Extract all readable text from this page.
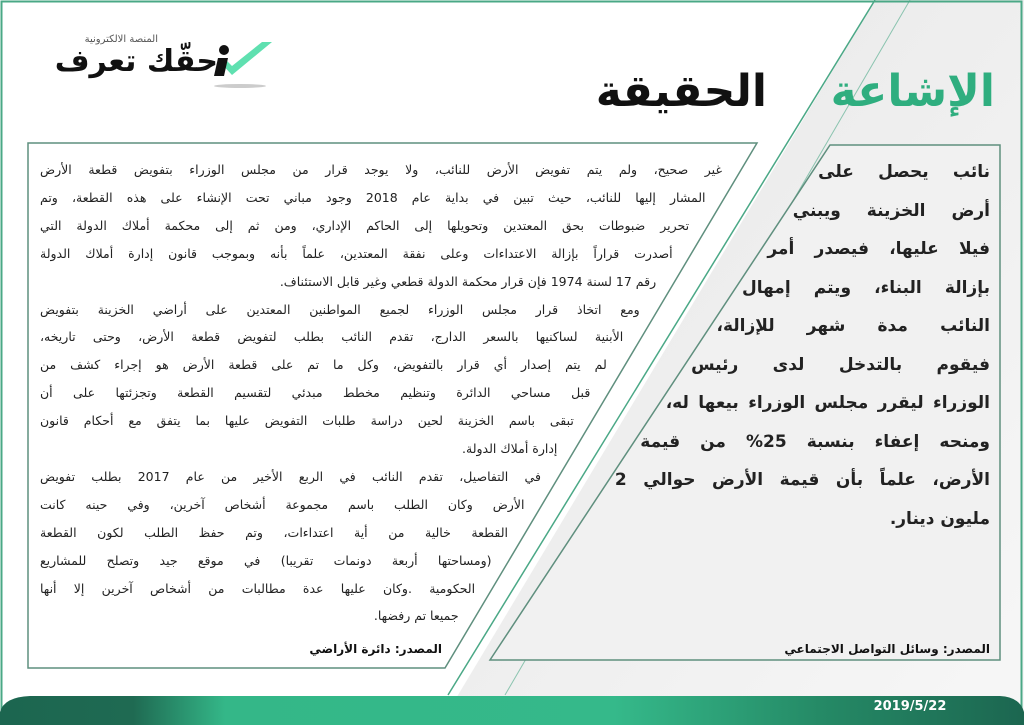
المنصة الالكترونية
حقّك تعرف
الإشاعة
الحقيقة
غير صحيح، ولم يتم تفويض الأرض للنائب، ولا يوجد قرار من مجلس الوزراء بتفويض قطعة الأرض
المشار إليها للنائب، حيث تبين في بداية عام 2018 وجود مباني تحت الإنشاء على هذه القطعة، وتم
تحرير ضبوطات بحق المعتدين وتحويلها إلى الحاكم الإداري، ومن ثم إلى محكمة أملاك الدولة التي
أصدرت قراراً بإزالة الاعتداءات وعلى نفقة المعتدين، علماً بأنه وبموجب قانون إدارة أملاك الدولة
رقم 17 لسنة 1974 فإن قرار محكمة الدولة قطعي وغير قابل الاستئناف.
ومع اتخاذ قرار مجلس الوزراء لجميع المواطنين المعتدين على أراضي الخزينة بتفويض
الأبنية لساكنيها بالسعر الدارج، تقدم النائب بطلب لتفويض قطعة الأرض، وحتى تاريخه،
لم يتم إصدار أي قرار بالتفويض، وكل ما تم على قطعة الأرض هو إجراء كشف من
قبل مساحي الدائرة وتنظيم مخطط مبدئي لتقسيم القطعة وتجزئتها على أن
تبقى باسم الخزينة لحين دراسة طلبات التفويض عليها بما يتفق مع أحكام قانون
إدارة أملاك الدولة.
في التفاصيل، تقدم النائب في الربع الأخير من عام 2017 بطلب تفويض
الأرض وكان الطلب باسم مجموعة أشخاص آخرين، وفي حينه كانت
القطعة خالية من أية اعتداءات، وتم حفظ الطلب لكون القطعة
(ومساحتها أربعة دونمات تقريبا) في موقع جيد وتصلح للمشاريع
الحكومية .وكان عليها عدة مطالبات من أشخاص آخرين إلا أنها
جميعا تم رفضها.
نائب يحصل على
أرض الخزينة ويبني
فيلا عليها، فيصدر أمر
بإزالة البناء، ويتم إمهال
النائب مدة شهر للإزالة،
فيقوم بالتدخل لدى رئيس
الوزراء ليقرر مجلس الوزراء بيعها له،
ومنحه إعفاء بنسبة 25% من قيمة
الأرض، علماً بأن قيمة الأرض حوالي 2
مليون دينار.
المصدر: دائرة الأراضي	المصدر: وسائل التواصل الاجتماعي
2019/5/22
